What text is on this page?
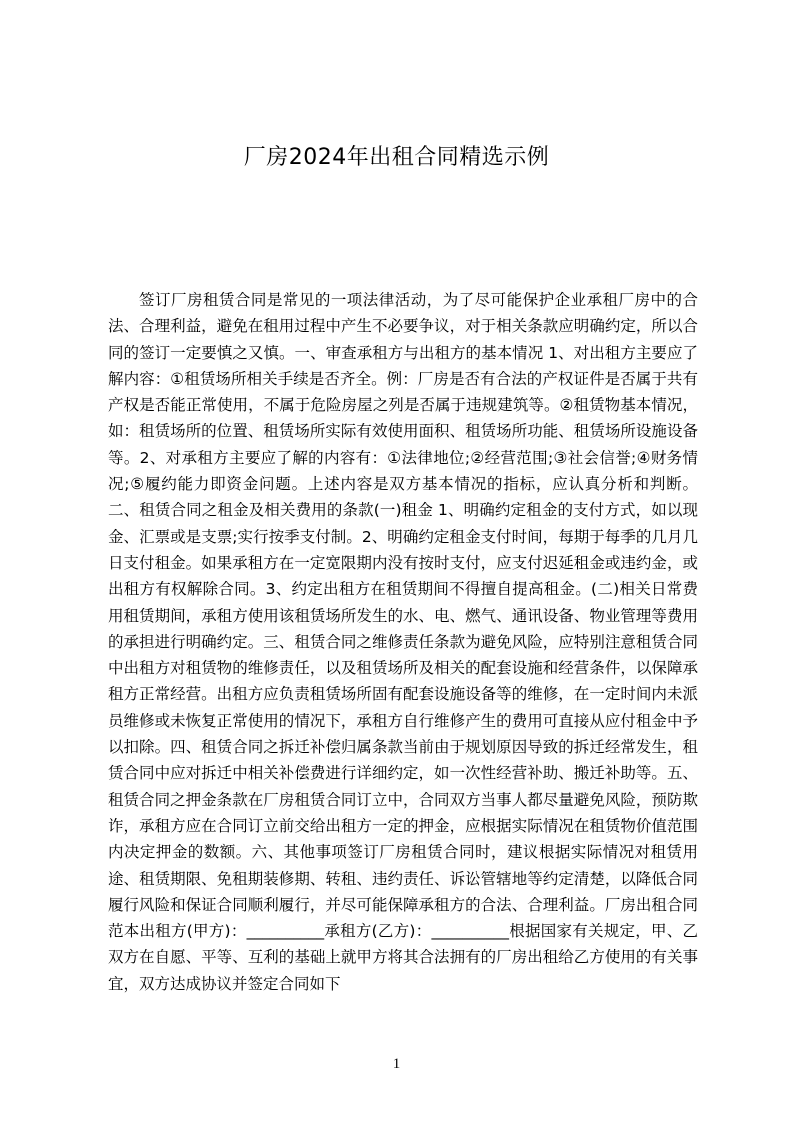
厂房2024年出租合同精选示例
签订厂房租赁合同是常见的一项法律活动，为了尽可能保护企业承租厂房中的合法、合理利益，避免在租用过程中产生不必要争议，对于相关条款应明确约定，所以合同的签订一定要慎之又慎。一、审查承租方与出租方的基本情况 1、对出租方主要应了解内容：①租赁场所相关手续是否齐全。例：厂房是否有合法的产权证件是否属于共有产权是否能正常使用，不属于危险房屋之列是否属于违规建筑等。②租赁物基本情况，如：租赁场所的位置、租赁场所实际有效使用面积、租赁场所功能、租赁场所设施设备等。2、对承租方主要应了解的内容有：①法律地位;②经营范围;③社会信誉;④财务情况;⑤履约能力即资金问题。上述内容是双方基本情况的指标，应认真分析和判断。二、租赁合同之租金及相关费用的条款(一)租金 1、明确约定租金的支付方式，如以现金、汇票或是支票;实行按季支付制。2、明确约定租金支付时间，每期于每季的几月几日支付租金。如果承租方在一定宽限期内没有按时支付，应支付迟延租金或违约金，或出租方有权解除合同。3、约定出租方在租赁期间不得擅自提高租金。(二)相关日常费用租赁期间，承租方使用该租赁场所发生的水、电、燃气、通讯设备、物业管理等费用的承担进行明确约定。三、租赁合同之维修责任条款为避免风险，应特别注意租赁合同中出租方对租赁物的维修责任，以及租赁场所及相关的配套设施和经营条件，以保障承租方正常经营。出租方应负责租赁场所固有配套设施设备等的维修，在一定时间内未派员维修或未恢复正常使用的情况下，承租方自行维修产生的费用可直接从应付租金中予以扣除。四、租赁合同之拆迁补偿归属条款当前由于规划原因导致的拆迁经常发生，租赁合同中应对拆迁中相关补偿费进行详细约定，如一次性经营补助、搬迁补助等。五、租赁合同之押金条款在厂房租赁合同订立中，合同双方当事人都尽量避免风险，预防欺诈，承租方应在合同订立前交给出租方一定的押金，应根据实际情况在租赁物价值范围内决定押金的数额。六、其他事项签订厂房租赁合同时，建议根据实际情况对租赁用途、租赁期限、免租期装修期、转租、违约责任、诉讼管辖地等约定清楚，以降低合同履行风险和保证合同顺利履行，并尽可能保障承租方的合法、合理利益。厂房出租合同范本出租方(甲方)：__________承租方(乙方)：__________根据国家有关规定，甲、乙双方在自愿、平等、互利的基础上就甲方将其合法拥有的厂房出租给乙方使用的有关事宜，双方达成协议并签定合同如下
1
